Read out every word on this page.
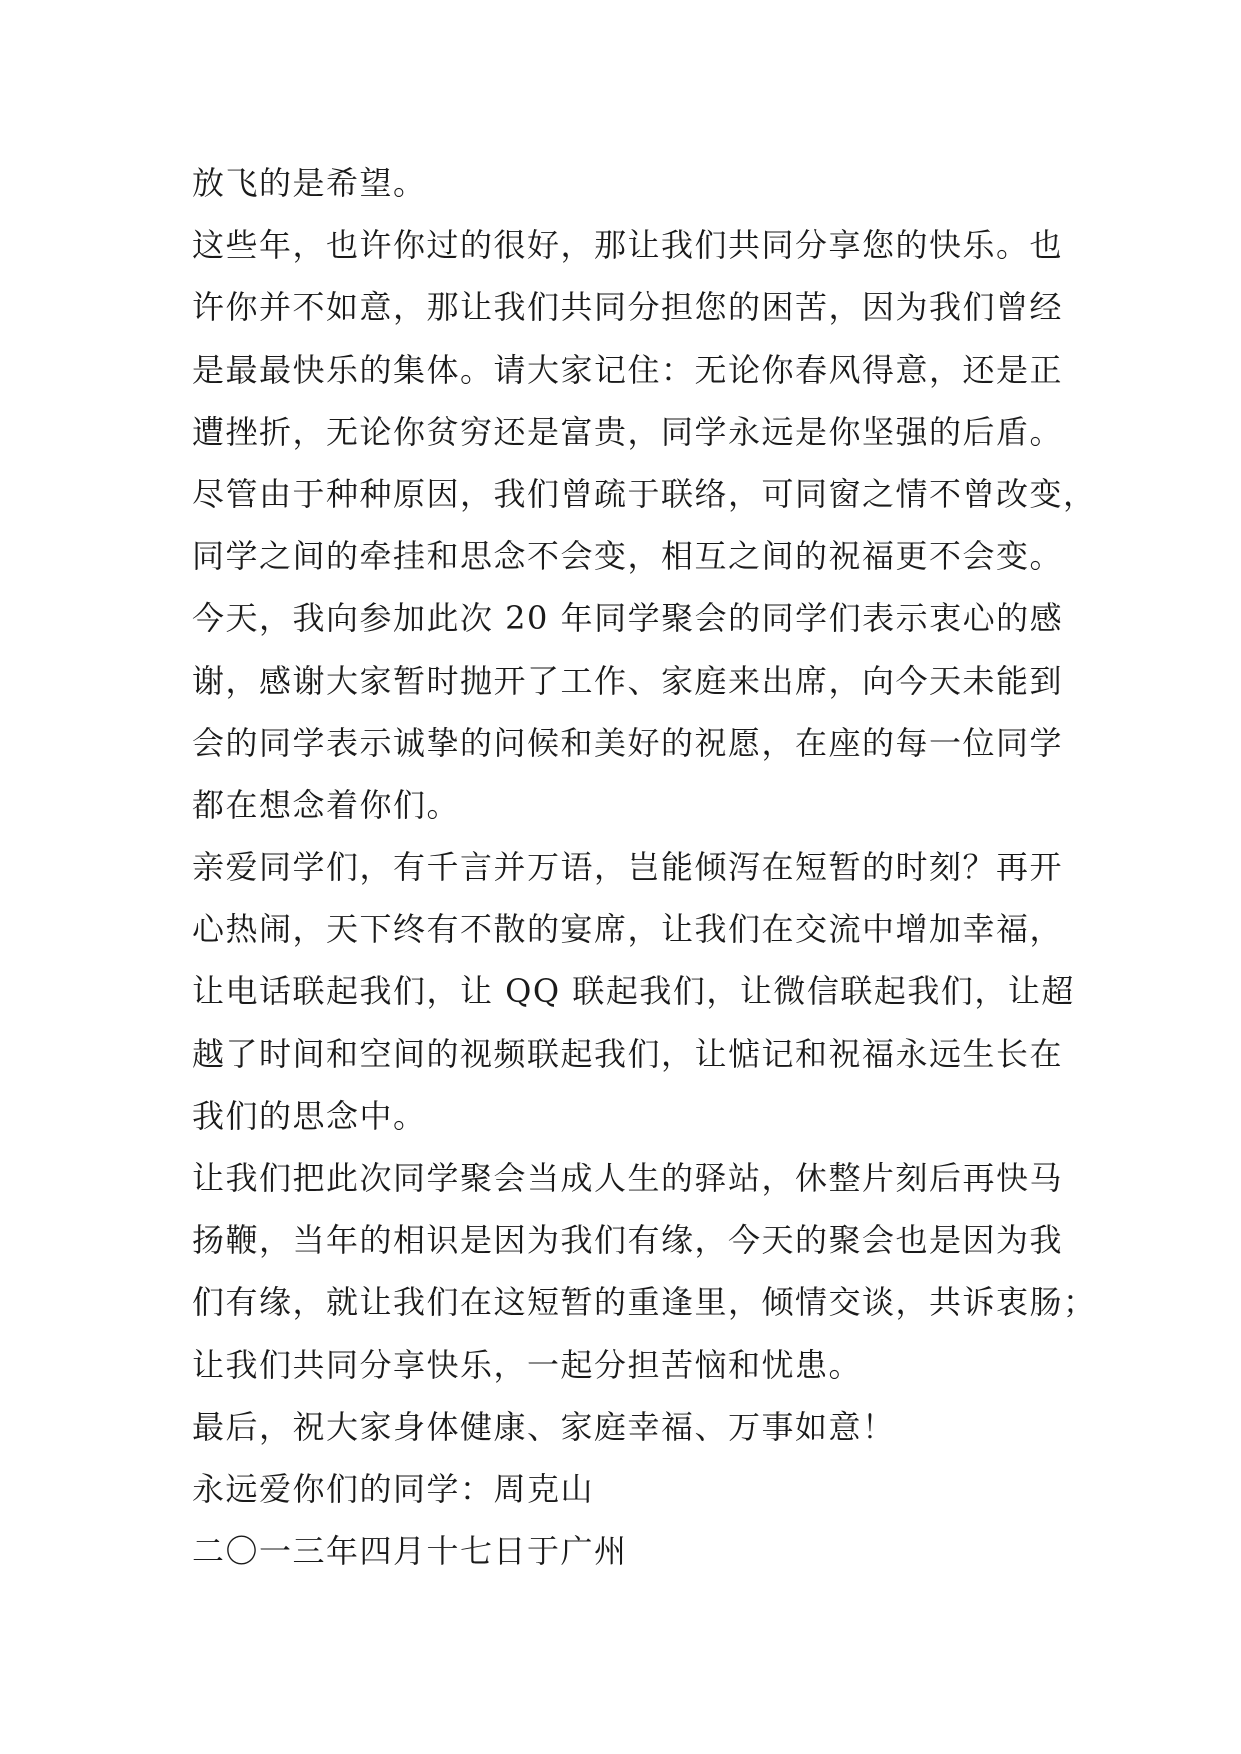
放飞的是希望。
这些年，也许你过的很好，那让我们共同分享您的快乐。也
许你并不如意，那让我们共同分担您的困苦，因为我们曾经
是最最快乐的集体。请大家记住：无论你春风得意，还是正
遭挫折，无论你贫穷还是富贵，同学永远是你坚强的后盾。
尽管由于种种原因，我们曾疏于联络，可同窗之情不曾改变，
同学之间的牵挂和思念不会变，相互之间的祝福更不会变。
今天，我向参加此次 20 年同学聚会的同学们表示衷心的感
谢，感谢大家暂时抛开了工作、家庭来出席，向今天未能到
会的同学表示诚挚的问候和美好的祝愿，在座的每一位同学
都在想念着你们。
亲爱同学们，有千言并万语，岂能倾泻在短暂的时刻？再开
心热闹，天下终有不散的宴席，让我们在交流中增加幸福，
让电话联起我们，让 QQ 联起我们，让微信联起我们，让超
越了时间和空间的视频联起我们，让惦记和祝福永远生长在
我们的思念中。
让我们把此次同学聚会当成人生的驿站，休整片刻后再快马
扬鞭，当年的相识是因为我们有缘，今天的聚会也是因为我
们有缘，就让我们在这短暂的重逢里，倾情交谈，共诉衷肠；
让我们共同分享快乐，一起分担苦恼和忧患。
最后，祝大家身体健康、家庭幸福、万事如意！
永远爱你们的同学：周克山
二〇一三年四月十七日于广州
